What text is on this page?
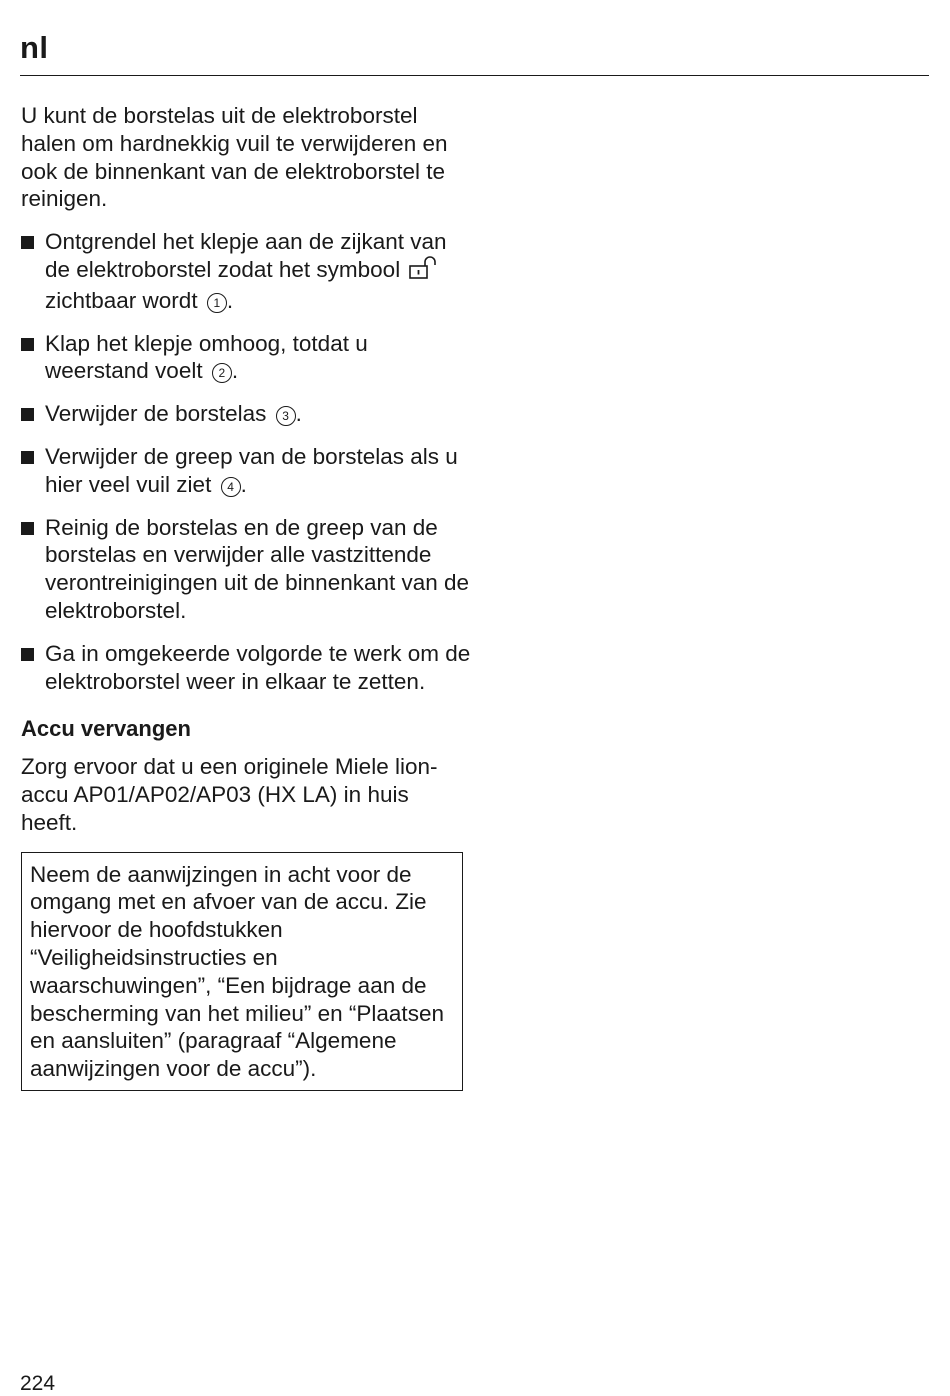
nl

U kunt de borstelas uit de elektroborstel halen om hardnekkig vuil te verwijderen en ook de binnenkant van de elektroborstel te reinigen.

Ontgrendel het klepje aan de zijkant van de elektroborstel zodat het symbool  zichtbaar wordt 1 .
Klap het klepje omhoog, totdat u weerstand voelt 2 .
Verwijder de borstelas 3 .
Verwijder de greep van de borstelas als u hier veel vuil ziet 4 .
Reinig de borstelas en de greep van de borstelas en verwijder alle vastzittende verontreinigingen uit de binnenkant van de elektroborstel.
Ga in omgekeerde volgorde te werk om de elektroborstel weer in elkaar te zetten.
Accu vervangen

Zorg ervoor dat u een originele Miele lion-accu AP01/AP02/AP03 (HX LA) in huis heeft.

Neem de aanwijzingen in acht voor de omgang met en afvoer van de accu. Zie hiervoor de hoofdstukken “Veiligheidsinstructies en waarschuwingen”, “Een bijdrage aan de bescherming van het milieu” en “Plaatsen en aansluiten” (paragraaf “Algemene aanwijzingen voor de accu”).
224
